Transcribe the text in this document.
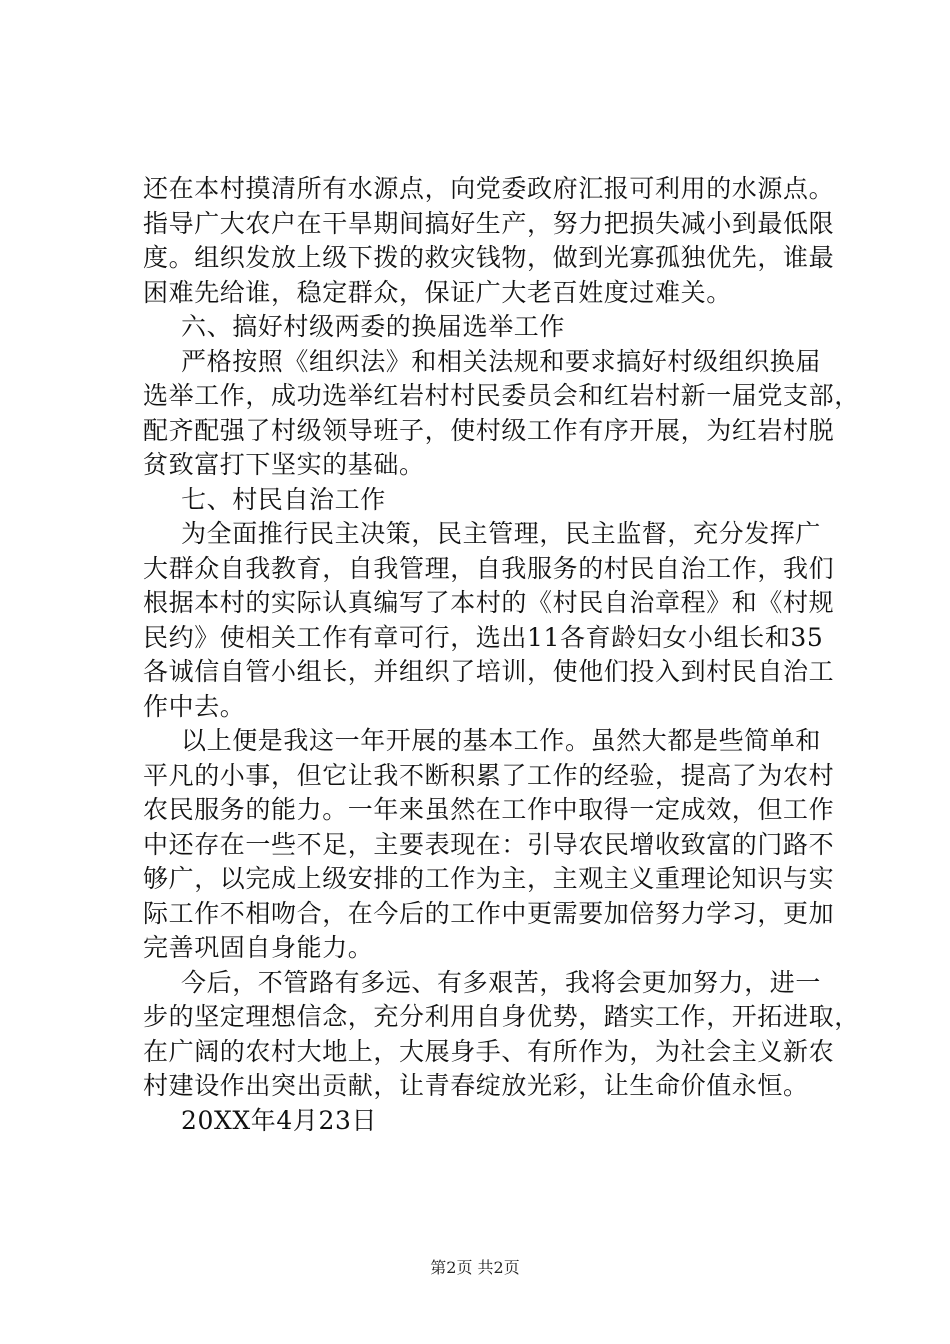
还在本村摸清所有水源点，向党委政府汇报可利用的水源点。
指导广大农户在干旱期间搞好生产，努力把损失减小到最低限
度。组织发放上级下拨的救灾钱物，做到光寡孤独优先，谁最
困难先给谁，稳定群众，保证广大老百姓度过难关。
六、搞好村级两委的换届选举工作
严格按照《组织法》和相关法规和要求搞好村级组织换届
选举工作，成功选举红岩村村民委员会和红岩村新一届党支部，
配齐配强了村级领导班子，使村级工作有序开展，为红岩村脱
贫致富打下坚实的基础。
七、村民自治工作
为全面推行民主决策，民主管理，民主监督，充分发挥广
大群众自我教育，自我管理，自我服务的村民自治工作，我们
根据本村的实际认真编写了本村的《村民自治章程》和《村规
民约》使相关工作有章可行，选出11各育龄妇女小组长和35
各诚信自管小组长，并组织了培训，使他们投入到村民自治工
作中去。
以上便是我这一年开展的基本工作。虽然大都是些简单和
平凡的小事，但它让我不断积累了工作的经验，提高了为农村
农民服务的能力。一年来虽然在工作中取得一定成效，但工作
中还存在一些不足，主要表现在：引导农民增收致富的门路不
够广，以完成上级安排的工作为主，主观主义重理论知识与实
际工作不相吻合，在今后的工作中更需要加倍努力学习，更加
完善巩固自身能力。
今后，不管路有多远、有多艰苦，我将会更加努力，进一
步的坚定理想信念，充分利用自身优势，踏实工作，开拓进取，
在广阔的农村大地上，大展身手、有所作为，为社会主义新农
村建设作出突出贡献，让青春绽放光彩，让生命价值永恒。
20XX年4月23日
第2页 共2页
